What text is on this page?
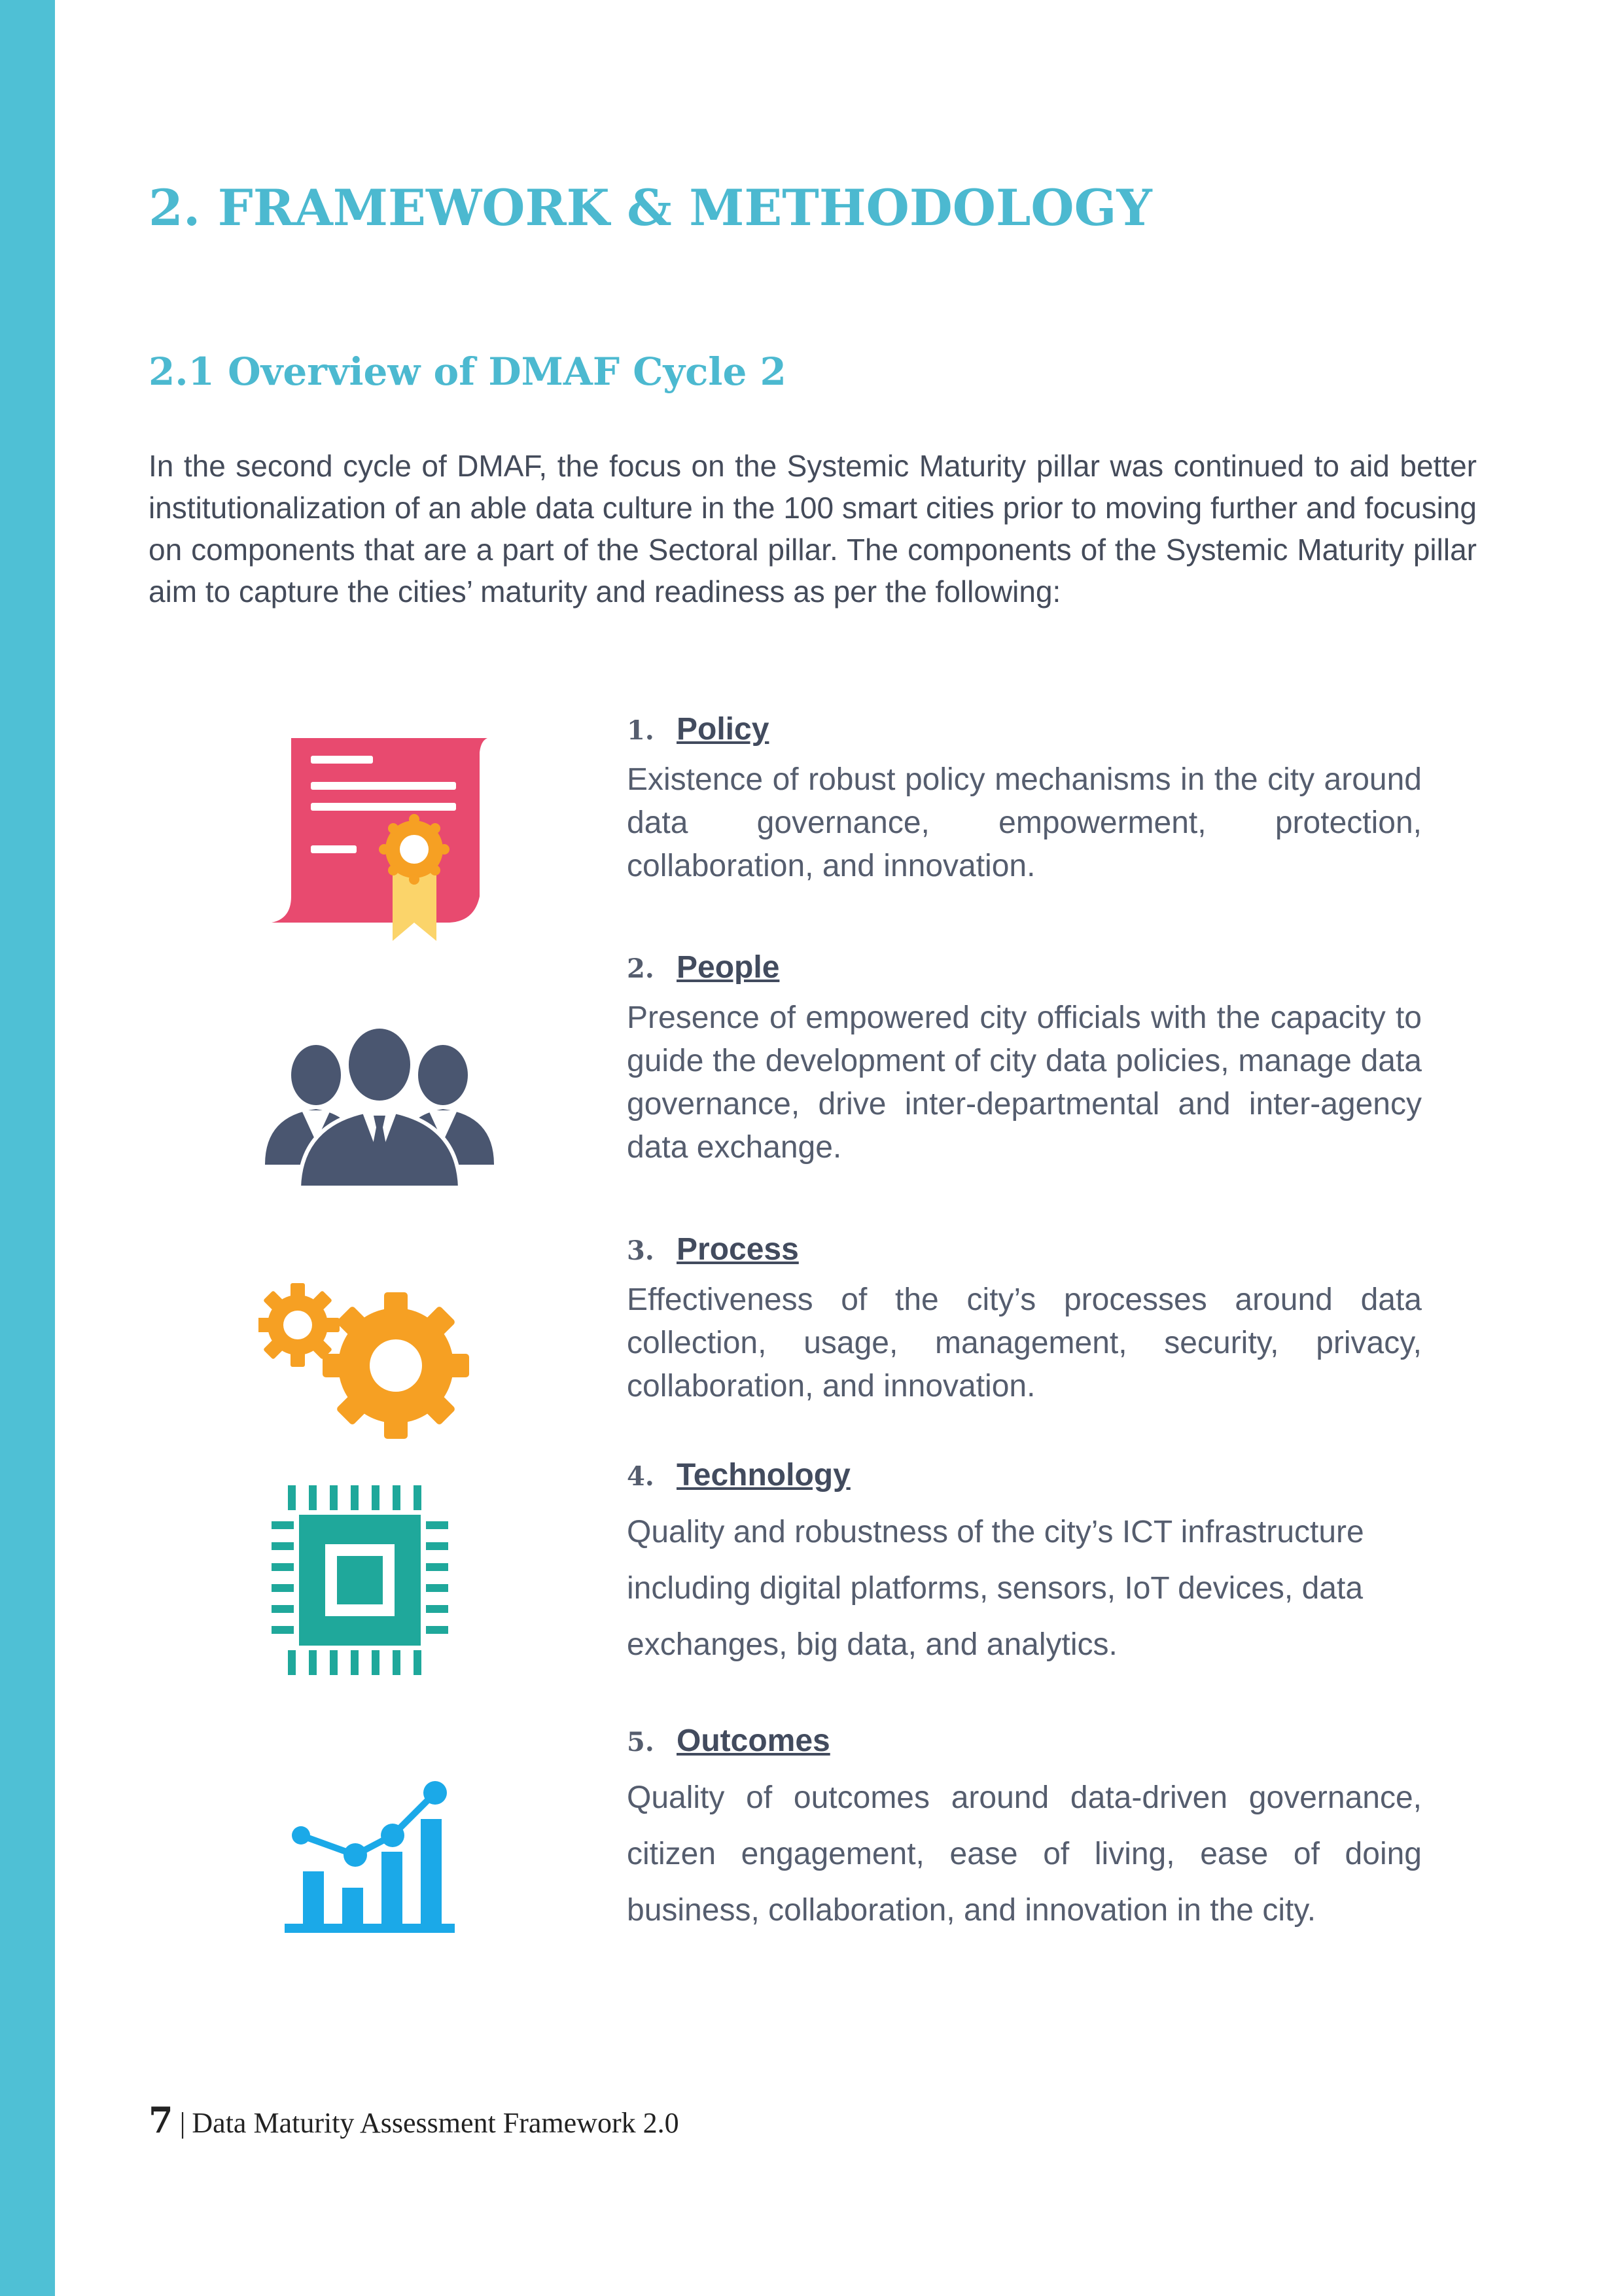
2. FRAMEWORK & METHODOLOGY
2.1 Overview of DMAF Cycle 2

In the second cycle of DMAF, the focus on the Systemic Maturity pillar was continued to aid better institutionalization of an able data culture in the 100 smart cities prior to moving further and focusing on components that are a part of the Sectoral pillar. The components of the Systemic Maturity pillar aim to capture the cities’ maturity and readiness as per the following:

1. Policy

Existence of robust policy mechanisms in the city around data governance, empowerment, protection, collaboration, and innovation.

2. People

Presence of empowered city officials with the capacity to guide the development of city data policies, manage data governance, drive inter-departmental and inter-agency data exchange.

3. Process

Effectiveness of the city’s processes around data collection, usage, management, security, privacy, collaboration, and innovation.

4. Technology

Quality and robustness of the city’s ICT infrastructure including digital platforms, sensors, IoT devices, data exchanges, big data, and analytics.

5. Outcomes

Quality of outcomes around data-driven governance, citizen engagement, ease of living, ease of doing business, collaboration, and innovation in the city.

7 | Data Maturity Assessment Framework 2.0
